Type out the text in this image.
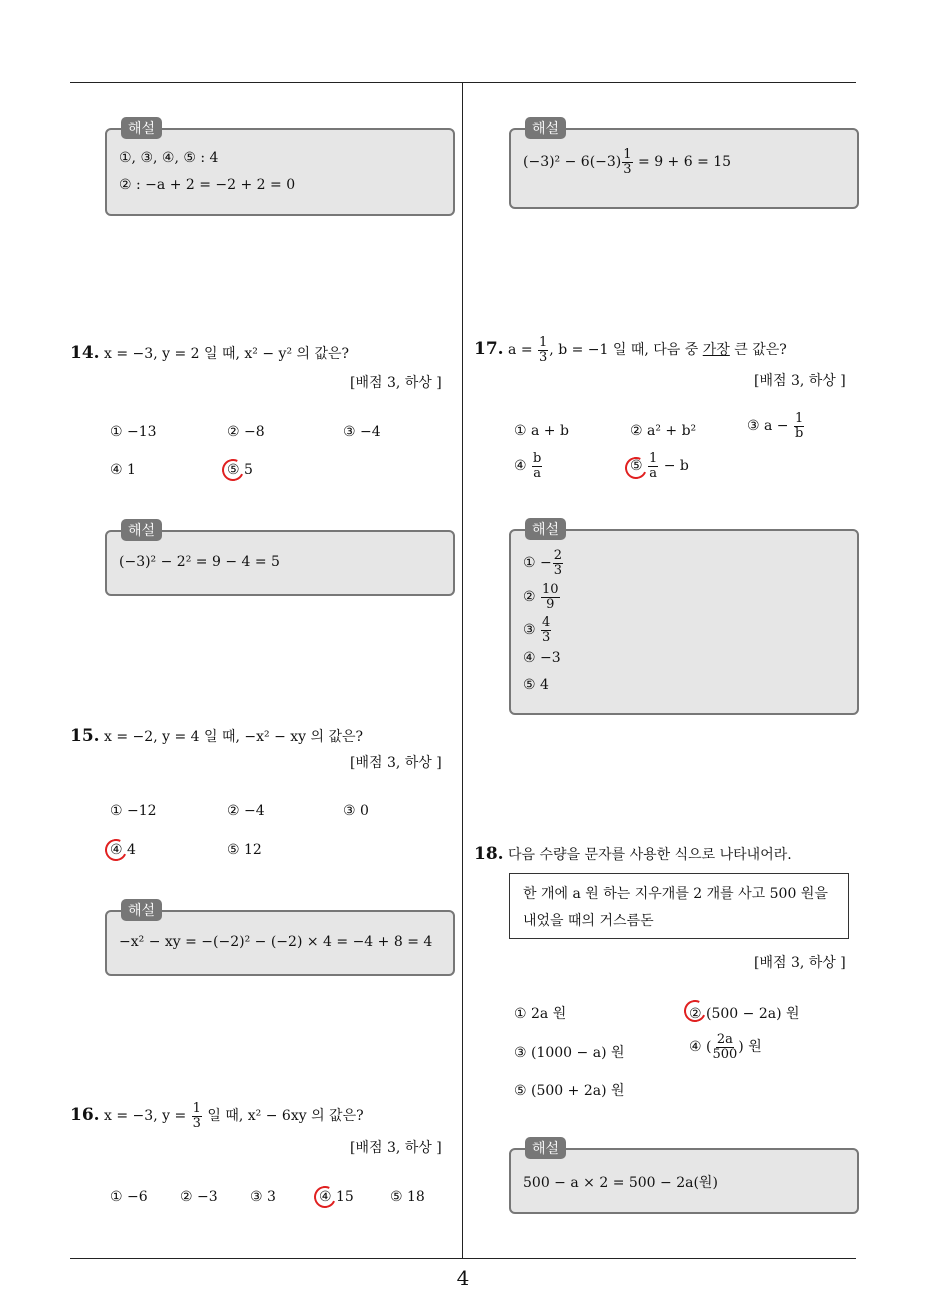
4
해설
①, ③, ④, ⑤ : 4
② : −a + 2 = −2 + 2 = 0
14. x = −3, y = 2 일 때, x² − y² 의 값은?
[배점 3, 하상 ]
① −13	② −8	③ −4
④ 1	⑤ 5
해설
(−3)² − 2² = 9 − 4 = 5
15. x = −2, y = 4 일 때, −x² − xy 의 값은?
[배점 3, 하상 ]
① −12	② −4	③ 0
④ 4	⑤ 12
해설
−x² − xy = −(−2)² − (−2) × 4 = −4 + 8 = 4
16. x = −3, $y = \frac{1}{3}$ 일 때, x² − 6xy 의 값은?
[배점 3, 하상 ]
① −6 ② −3 ③ 3	④ 15	⑤ 18
해설
$(-3)^2 - 6(-3) \frac{1}{3} = 9 + 6 = 15$
17. $a = \frac{1}{3}$ , b = −1 일 때, 다음 중 가장 큰 값은?
[배점 3, 하상 ]
① a + b	② a² + b²	③ $a - \frac{1}{b}$
④ $\frac{b}{a}$	⑤ $\frac{1}{a} - b$
해설
① − $\frac{2}{3}$
② $\frac{10}{9}$
③ $\frac{4}{3}$
④ −3
⑤ 4
18. 다음 수량을 문자를 사용한 식으로 나타내어라.
한 개에 a 원 하는 지우개를 2 개를 사고 500 원을
내었을 때의 거스름돈
[배점 3, 하상 ]
① 2a 원	② (500 − 2a) 원
③ (1000 − a) 원	④ ( $\frac{2a}{500}$ ) 원
⑤ (500 + 2a) 원
해설
500 − a × 2 = 500 − 2a(원)
